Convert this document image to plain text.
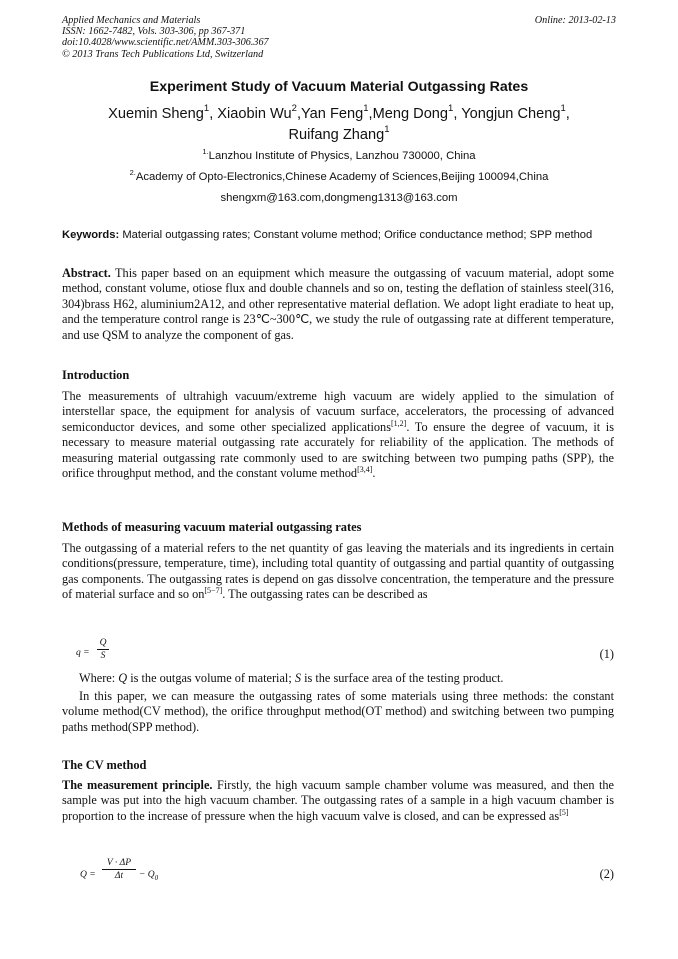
Applied Mechanics and Materials
ISSN: 1662-7482, Vols. 303-306, pp 367-371
doi:10.4028/www.scientific.net/AMM.303-306.367
© 2013 Trans Tech Publications Ltd, Switzerland
Online: 2013-02-13
Experiment Study of Vacuum Material Outgassing Rates
Xuemin Sheng$^1$, Xiaobin Wu$^2$,Yan Feng$^1$,Meng Dong$^1$, Yongjun Cheng$^1$,
Ruifang Zhang$^1$
$^{1.}$Lanzhou Institute of Physics, Lanzhou 730000, China
$^{2.}$Academy of Opto-Electronics,Chinese Academy of Sciences,Beijing 100094,China
shengxm@163.com,dongmeng1313@163.com
Keywords: Material outgassing rates; Constant volume method; Orifice conductance method; SPP method
Abstract. This paper based on an equipment which measure the outgassing of vacuum material, adopt some method, constant volume, otiose flux and double channels and so on, testing the deflation of stainless steel(316, 304)brass H62, aluminium2A12, and other representative material deflation. We adopt light eradiate to heat up, and the temperature control range is 23℃~300℃, we study the rule of outgassing rate at different temperature, and use QSM to analyze the component of gas.
Introduction
The measurements of ultrahigh vacuum/extreme high vacuum are widely applied to the simulation of interstellar space, the equipment for analysis of vacuum surface, accelerators, the processing of advanced semiconductor devices, and some other specialized applications[1,2]. To ensure the degree of vacuum, it is necessary to measure material outgassing rate accurately for reliability of the application. The methods of measuring material outgassing rate commonly used to are switching between two pumping paths (SPP), the orifice throughput method, and the constant volume method[3,4].
Methods of measuring vacuum material outgassing rates
The outgassing of a material refers to the net quantity of gas leaving the materials and its ingredients in certain conditions(pressure, temperature, time), including total quantity of outgassing and partial quantity of outgassing gas components. The outgassing rates is depend on gas dissolve concentration, the temperature and the pressure of material surface and so on[5−7]. The outgassing rates can be described as
q =
Q
S	(1)
Where: Q is the outgas volume of material; S is the surface area of the testing product.
In this paper, we can measure the outgassing rates of some materials using three methods: the constant volume method(CV method), the orifice throughput method(OT method) and switching between two pumping paths method(SPP method).
The CV method
The measurement principle. Firstly, the high vacuum sample chamber volume was measured, and then the sample was put into the high vacuum chamber. The outgassing rates of a sample in a high vacuum chamber is proportion to the increase of pressure when the high vacuum valve is closed, and can be expressed as[5]
Q =
V · ΔP
Δt	− $Q_0$	(2)
